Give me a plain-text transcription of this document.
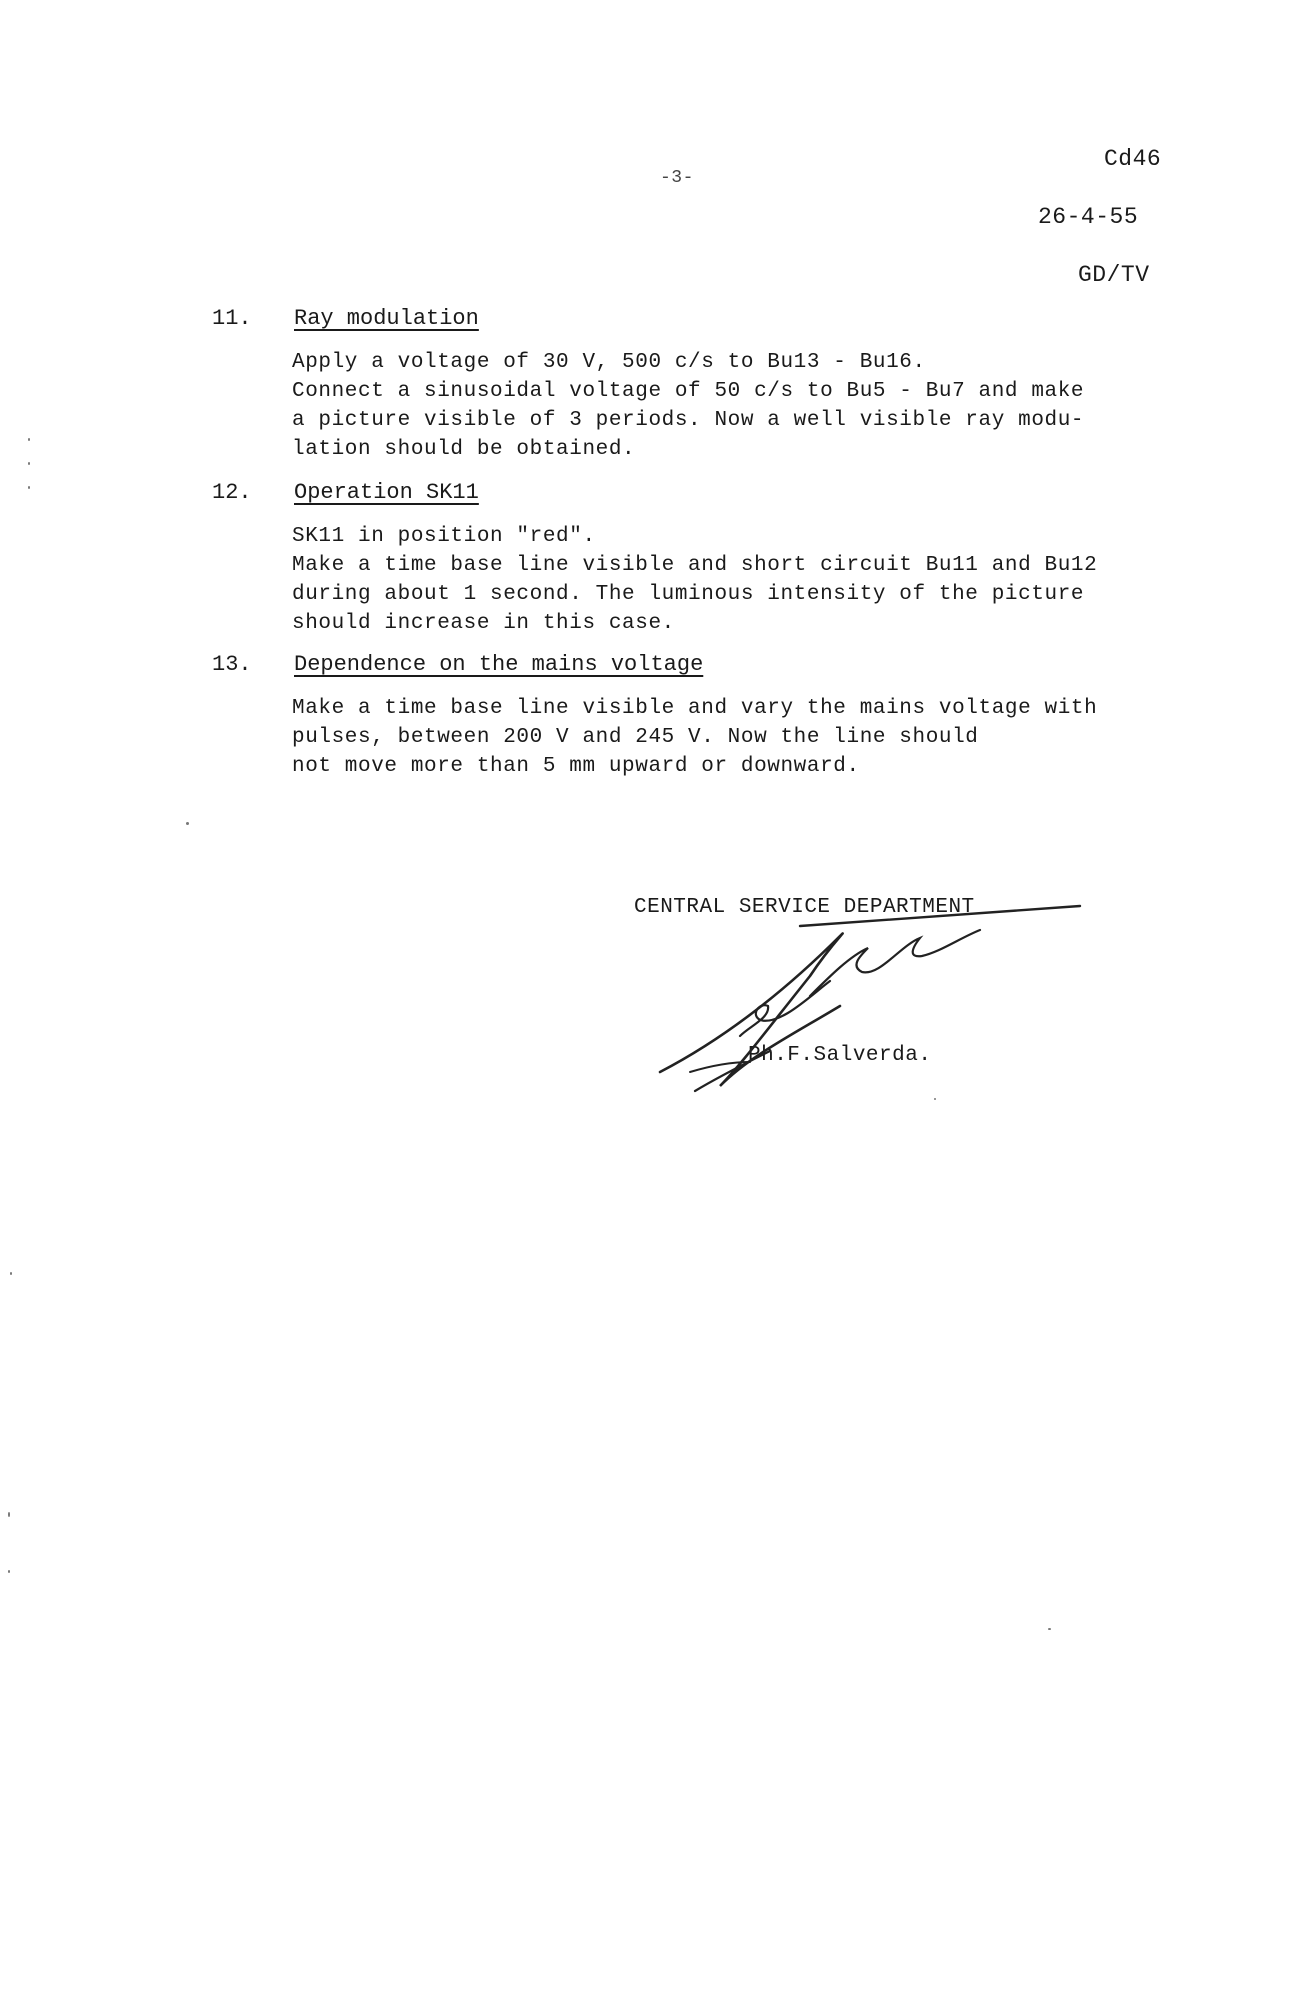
-3-
Cd46
26-4-55
GD/TV
11.	Ray modulation
Apply a voltage of 30 V, 500 c/s to Bu13 - Bu16.
Connect a sinusoidal voltage of 50 c/s to Bu5 - Bu7 and make
a picture visible of 3 periods. Now a well visible ray modu-
lation should be obtained.
12.	Operation SK11
SK11 in position "red".
Make a time base line visible and short circuit Bu11 and Bu12
during about 1 second. The luminous intensity of the picture
should increase in this case.
13.	Dependence on the mains voltage
Make a time base line visible and vary the mains voltage with
pulses, between 200 V and 245 V. Now the line should
not move more than 5 mm upward or downward.
CENTRAL SERVICE DEPARTMENT
Ph.F.Salverda.
